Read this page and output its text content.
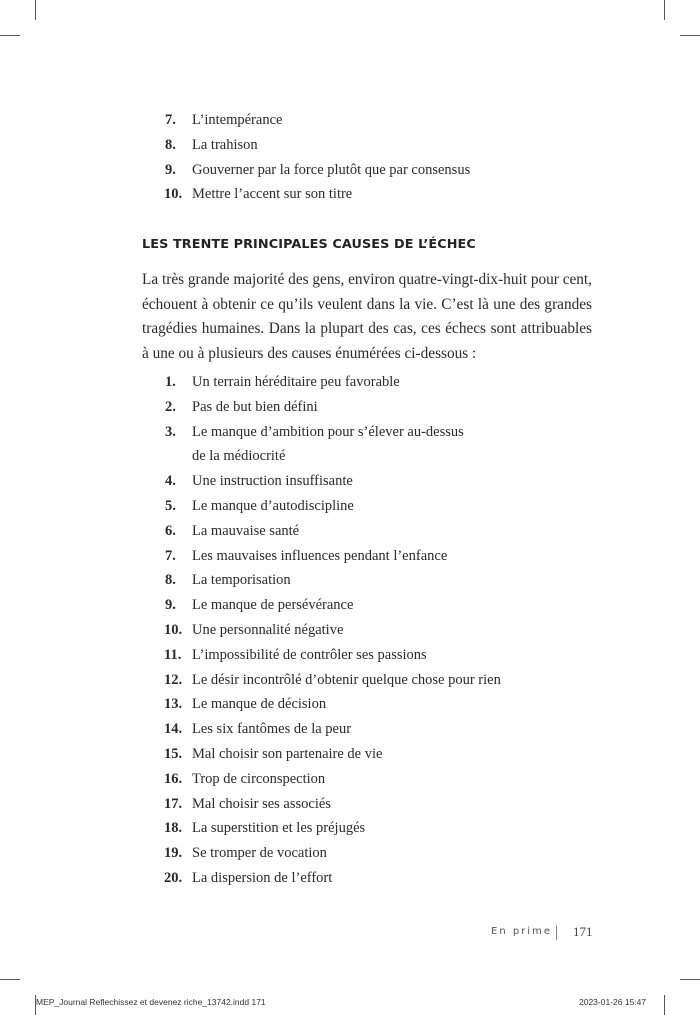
7. L’intempérance
8. La trahison
9. Gouverner par la force plutôt que par consensus
10. Mettre l’accent sur son titre
LES TRENTE PRINCIPALES CAUSES DE L’ÉCHEC

La très grande majorité des gens, environ quatre-vingt-dix-huit pour cent, échouent à obtenir ce qu’ils veulent dans la vie. C’est là une des grandes tragédies humaines. Dans la plupart des cas, ces échecs sont attribuables à une ou à plusieurs des causes énumérées ci-dessous :

1. Un terrain héréditaire peu favorable
2. Pas de but bien défini
3. Le manque d’ambition pour s’élever au-dessus
de la médiocrité
4. Une instruction insuffisante
5. Le manque d’autodiscipline
6. La mauvaise santé
7. Les mauvaises influences pendant l’enfance
8. La temporisation
9. Le manque de persévérance
10. Une personnalité négative
11. L’impossibilité de contrôler ses passions
12. Le désir incontrôlé d’obtenir quelque chose pour rien
13. Le manque de décision
14. Les six fantômes de la peur
15. Mal choisir son partenaire de vie
16. Trop de circonspection
17. Mal choisir ses associés
18. La superstition et les préjugés
19. Se tromper de vocation
20. La dispersion de l’effort
En prime 171
MEP_Journal Reflechissez et devenez riche_13742.indd 171	2023-01-26 15:47
